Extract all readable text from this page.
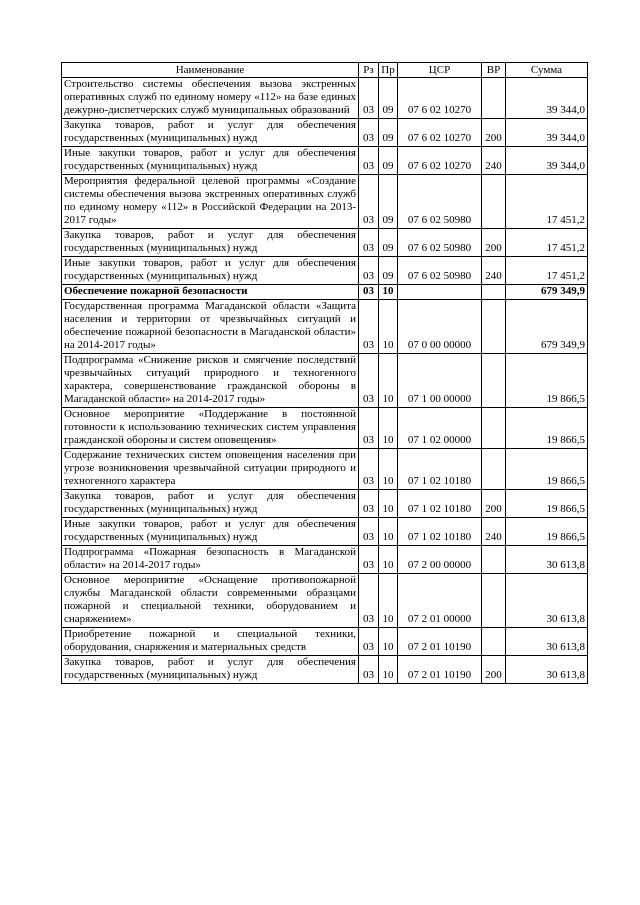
Наименование	Рз	Пр	ЦСР	ВР	Сумма
Строительство системы обеспечения вызова экстренных оперативных служб по единому номеру «112» на базе единых дежурно-диспетчерских служб муниципальных образований	03	09	07 6 02 10270		39 344,0
Закупка товаров, работ и услуг для обеспечения государственных (муниципальных) нужд	03	09	07 6 02 10270	200	39 344,0
Иные закупки товаров, работ и услуг для обеспечения государственных (муниципальных) нужд	03	09	07 6 02 10270	240	39 344,0
Мероприятия федеральной целевой программы «Создание системы обеспечения вызова экстренных оперативных служб по единому номеру «112» в Российской Федерации на 2013-2017 годы»	03	09	07 6 02 50980		17 451,2
Закупка товаров, работ и услуг для обеспечения государственных (муниципальных) нужд	03	09	07 6 02 50980	200	17 451,2
Иные закупки товаров, работ и услуг для обеспечения государственных (муниципальных) нужд	03	09	07 6 02 50980	240	17 451,2
Обеспечение пожарной безопасности	03	10			679 349,9
Государственная программа Магаданской области «Защита населения и территории от чрезвычайных ситуаций и обеспечение пожарной безопасности в Магаданской области» на 2014-2017 годы»	03	10	07 0 00 00000		679 349,9
Подпрограмма «Снижение рисков и смягчение последствий чрезвычайных ситуаций природного и техногенного характера, совершенствование гражданской обороны в Магаданской области» на 2014-2017 годы»	03	10	07 1 00 00000		19 866,5
Основное мероприятие «Поддержание в постоянной готовности к использованию технических систем управления гражданской обороны и систем оповещения»	03	10	07 1 02 00000		19 866,5
Содержание технических систем оповещения населения при угрозе возникновения чрезвычайной ситуации природного и техногенного характера	03	10	07 1 02 10180		19 866,5
Закупка товаров, работ и услуг для обеспечения государственных (муниципальных) нужд	03	10	07 1 02 10180	200	19 866,5
Иные закупки товаров, работ и услуг для обеспечения государственных (муниципальных) нужд	03	10	07 1 02 10180	240	19 866,5
Подпрограмма «Пожарная безопасность в Магаданской области» на 2014-2017 годы»	03	10	07 2 00 00000		30 613,8
Основное мероприятие «Оснащение противопожарной службы Магаданской области современными образцами пожарной и специальной техники, оборудованием и снаряжением»	03	10	07 2 01 00000		30 613,8
Приобретение пожарной и специальной техники, оборудования, снаряжения и материальных средств	03	10	07 2 01 10190		30 613,8
Закупка товаров, работ и услуг для обеспечения государственных (муниципальных) нужд	03	10	07 2 01 10190	200	30 613,8
